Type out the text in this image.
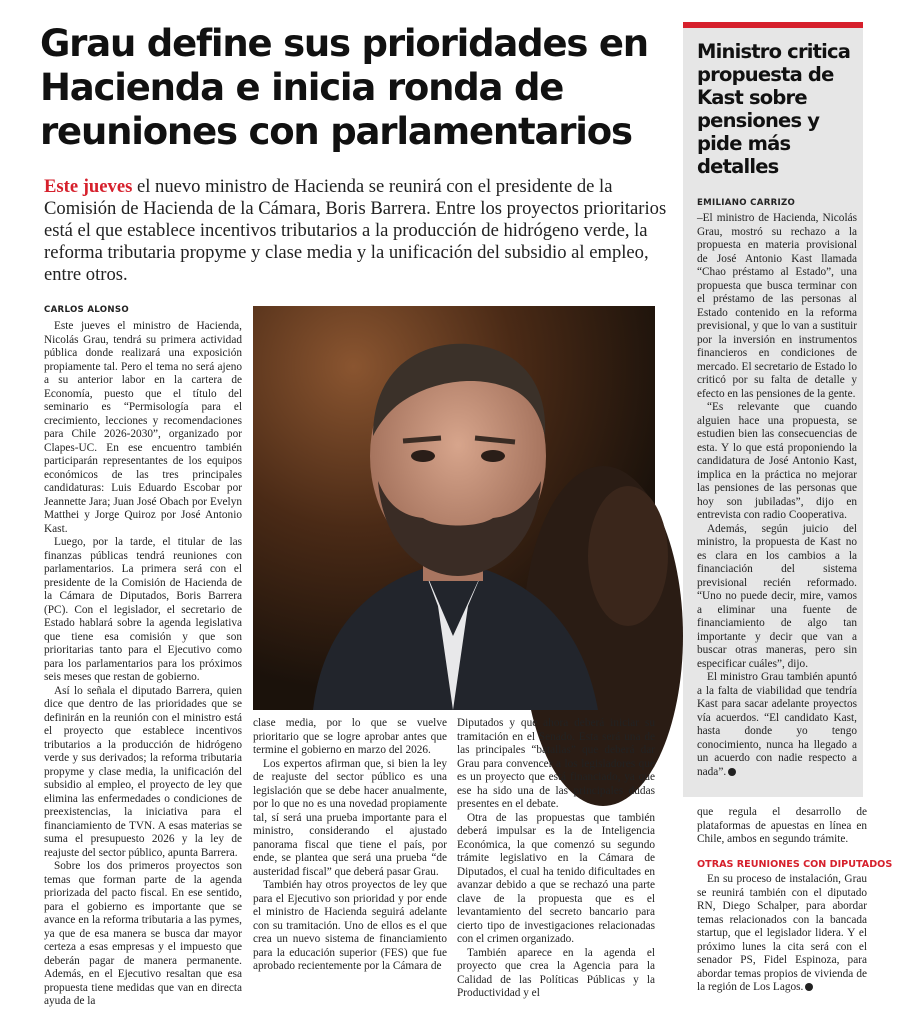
Grau define sus prioridades en Hacienda e inicia ronda de reuniones con parlamentarios
Este jueves el nuevo ministro de Hacienda se reunirá con el presidente de la Comisión de Hacienda de la Cámara, Boris Barrera. Entre los proyectos prioritarios está el que establece incentivos tributarios a la producción de hidrógeno verde, la reforma tributaria propyme y clase media y la unificación del subsidio al empleo, entre otros.
CARLOS ALONSO

Este jueves el ministro de Hacienda, Nicolás Grau, tendrá su primera actividad pública donde realizará una exposición propiamente tal. Pero el tema no será ajeno a su anterior labor en la cartera de Economía, puesto que el título del seminario es “Permisología para el crecimiento, lecciones y recomendaciones para Chile 2026-2030”, organizado por Clapes-UC. En ese encuentro también participarán representantes de los equipos económicos de las tres principales candidaturas: Luis Eduardo Escobar por Jeannette Jara; Juan José Obach por Evelyn Matthei y Jorge Quiroz por José Antonio Kast.

Luego, por la tarde, el titular de las finanzas públicas tendrá reuniones con parlamentarios. La primera será con el presidente de la Comisión de Hacienda de la Cámara de Diputados, Boris Barrera (PC). Con el legislador, el secretario de Estado hablará sobre la agenda legislativa que tiene esa comisión y que son prioritarias tanto para el Ejecutivo como para los parlamentarios para los próximos seis meses que restan de gobierno.

Así lo señala el diputado Barrera, quien dice que dentro de las prioridades que se definirán en la reunión con el ministro está el proyecto que establece incentivos tributarios a la producción de hidrógeno verde y sus derivados; la reforma tributaria propyme y clase media, la unificación del subsidio al empleo, el proyecto de ley que elimina las enfermedades o condiciones de preexistencias, la iniciativa para el financiamiento de TVN. A esas materias se suma el presupuesto 2026 y la ley de reajuste del sector público, apunta Barrera.

Sobre los dos primeros proyectos son temas que forman parte de la agenda priorizada del pacto fiscal. En ese sentido, para el gobierno es importante que se avance en la reforma tributaria a las pymes, ya que de esa manera se busca dar mayor certeza a esas empresas y el impuesto que deberán pagar de manera permanente. Además, en el Ejecutivo resaltan que esa propuesta tiene medidas que van en directa ayuda de la

clase media, por lo que se vuelve prioritario que se logre aprobar antes que termine el gobierno en marzo del 2026.

Los expertos afirman que, si bien la ley de reajuste del sector público es una legislación que se debe hacer anualmente, por lo que no es una novedad propiamente tal, sí será una prueba importante para el ministro, considerando el ajustado panorama fiscal que tiene el país, por ende, se plantea que será una prueba “de austeridad fiscal” que deberá pasar Grau.

También hay otros proyectos de ley que para el Ejecutivo son prioridad y por ende el ministro de Hacienda seguirá adelante con su tramitación. Uno de ellos es el que crea un nuevo sistema de financiamiento para la educación superior (FES) que fue aprobado recientemente por la Cámara de

Diputados y que ahora deberá iniciar su tramitación en el Senado. Esta será una de las principales “batallas” que deberá dar Grau para convencer a los legisladores que es un proyecto que está financiado, ya que ese ha sido una de las principales dudas presentes en el debate.

Otra de las propuestas que también deberá impulsar es la de Inteligencia Económica, la que comenzó su segundo trámite legislativo en la Cámara de Diputados, el cual ha tenido dificultades en avanzar debido a que se rechazó una parte clave de la propuesta que es el levantamiento del secreto bancario para cierto tipo de investigaciones relacionadas con el crimen organizado.

También aparece en la agenda el proyecto que crea la Agencia para la Calidad de las Políticas Públicas y la Productividad y el

Ministro critica propuesta de Kast sobre pensiones y pide más detalles
EMILIANO CARRIZO

–El ministro de Hacienda, Nicolás Grau, mostró su rechazo a la propuesta en materia provisional de José Antonio Kast llamada “Chao préstamo al Estado”, una propuesta que busca terminar con el préstamo de las personas al Estado contenido en la reforma previsional, y que lo van a sustituir por la inversión en instrumentos financieros en condiciones de mercado. El secretario de Estado lo criticó por su falta de detalle y efecto en las pensiones de la gente.

“Es relevante que cuando alguien hace una propuesta, se estudien bien las consecuencias de esta. Y lo que está proponiendo la candidatura de José Antonio Kast, implica en la práctica no mejorar las pensiones de las personas que hoy son jubiladas”, dijo en entrevista con radio Cooperativa.

Además, según juicio del ministro, la propuesta de Kast no es clara en los cambios a la financiación del sistema previsional recién reformado. “Uno no puede decir, mire, vamos a eliminar una fuente de financiamiento de algo tan importante y decir que van a buscar otras maneras, pero sin especificar cuáles”, dijo.

El ministro Grau también apuntó a la falta de viabilidad que tendría Kast para sacar adelante proyectos vía acuerdos. “El candidato Kast, hasta donde yo tengo conocimiento, nunca ha llegado a un acuerdo con nadie respecto a nada”.

que regula el desarrollo de plataformas de apuestas en línea en Chile, ambos en segundo trámite.

OTRAS REUNIONES CON DIPUTADOS

En su proceso de instalación, Grau se reunirá también con el diputado RN, Diego Schalper, para abordar temas relacionados con la bancada startup, que el legislador lidera. Y el próximo lunes la cita será con el senador PS, Fidel Espinoza, para abordar temas propios de vivienda de la región de Los Lagos.
